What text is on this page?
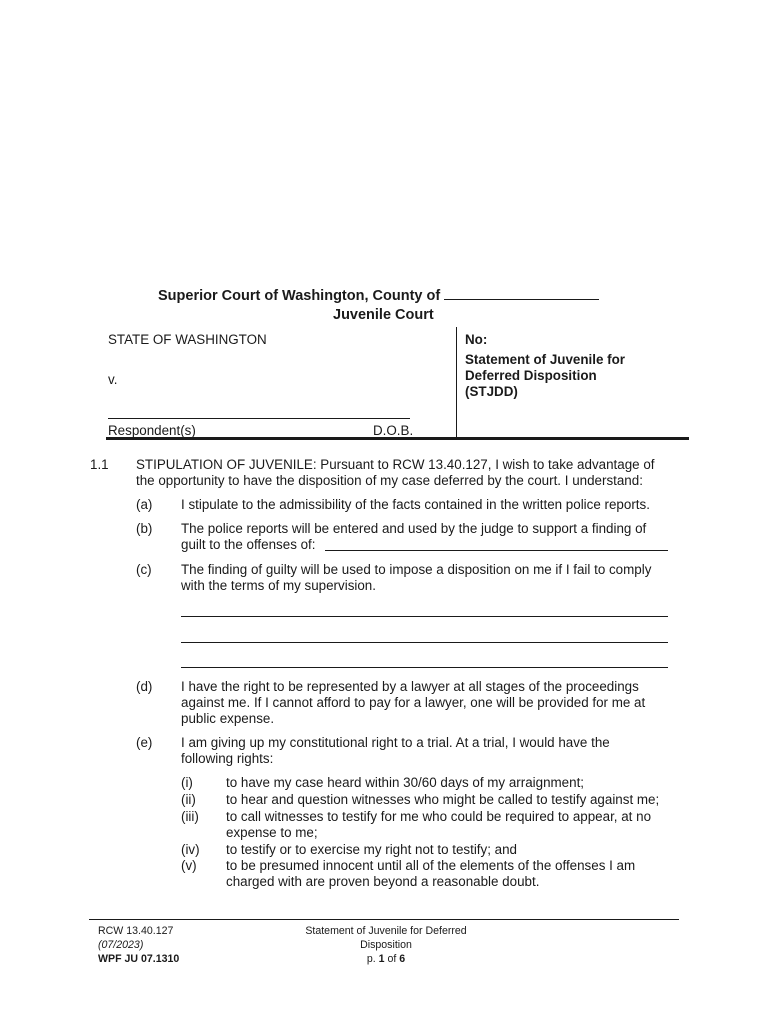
Superior Court of Washington, County of
Juvenile Court
STATE OF WASHINGTON
v.
Respondent(s)	D.O.B.
No:
Statement of Juvenile for
Deferred Disposition
(STJDD)
1.1 STIPULATION OF JUVENILE: Pursuant to RCW 13.40.127, I wish to take advantage of
the opportunity to have the disposition of my case deferred by the court. I understand:
(a) I stipulate to the admissibility of the facts contained in the written police reports.
(b) The police reports will be entered and used by the judge to support a finding of
guilt to the offenses of:
(c) The finding of guilty will be used to impose a disposition on me if I fail to comply
with the terms of my supervision.
(d) I have the right to be represented by a lawyer at all stages of the proceedings
against me. If I cannot afford to pay for a lawyer, one will be provided for me at
public expense.
(e) I am giving up my constitutional right to a trial. At a trial, I would have the
following rights:
(i) to have my case heard within 30/60 days of my arraignment;
(ii) to hear and question witnesses who might be called to testify against me;
(iii) to call witnesses to testify for me who could be required to appear, at no
expense to me;
(iv) to testify or to exercise my right not to testify; and
(v) to be presumed innocent until all of the elements of the offenses I am
charged with are proven beyond a reasonable doubt.
RCW 13.40.127
(07/2023)
WPF JU 07.1310
Statement of Juvenile for Deferred
Disposition
p. 1 of 6
